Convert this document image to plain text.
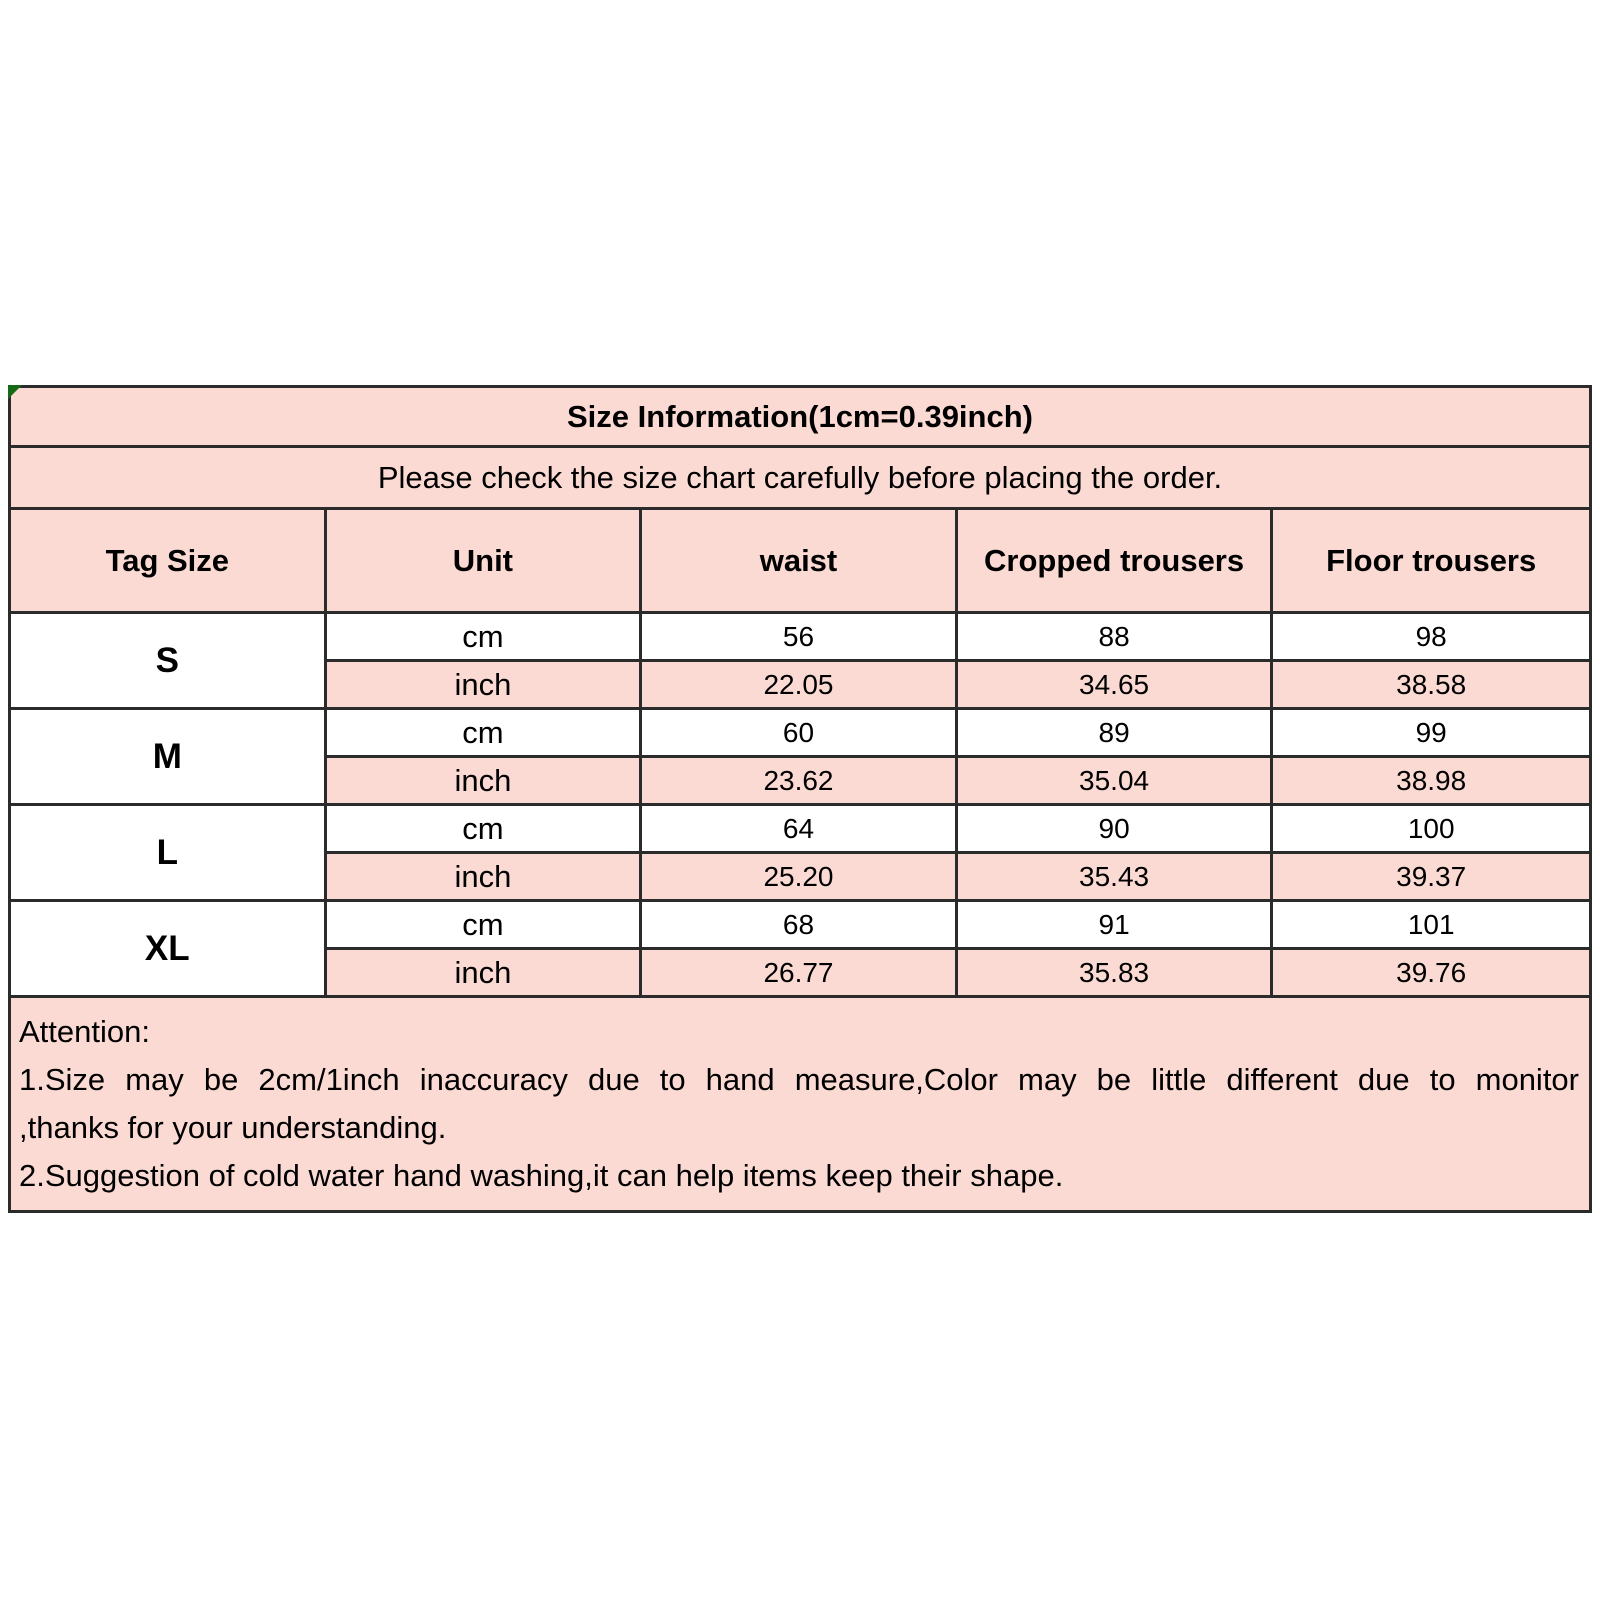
Size Information(1cm=0.39inch)
Please check the size chart carefully before placing the order.
Tag Size	Unit	waist	Cropped trousers	Floor trousers
S
cm	56	88	98
inch	22.05	34.65	38.58
M
cm	60	89	99
inch	23.62	35.04	38.98
L
cm	64	90	100
inch	25.20	35.43	39.37
XL
cm	68	91	101
inch	26.77	35.83	39.76
Attention:
1.Size may be 2cm/1inch inaccuracy due to hand measure,Color may be little different due to monitor
,thanks for your understanding.
2.Suggestion of cold water hand washing,it can help items keep their shape.
